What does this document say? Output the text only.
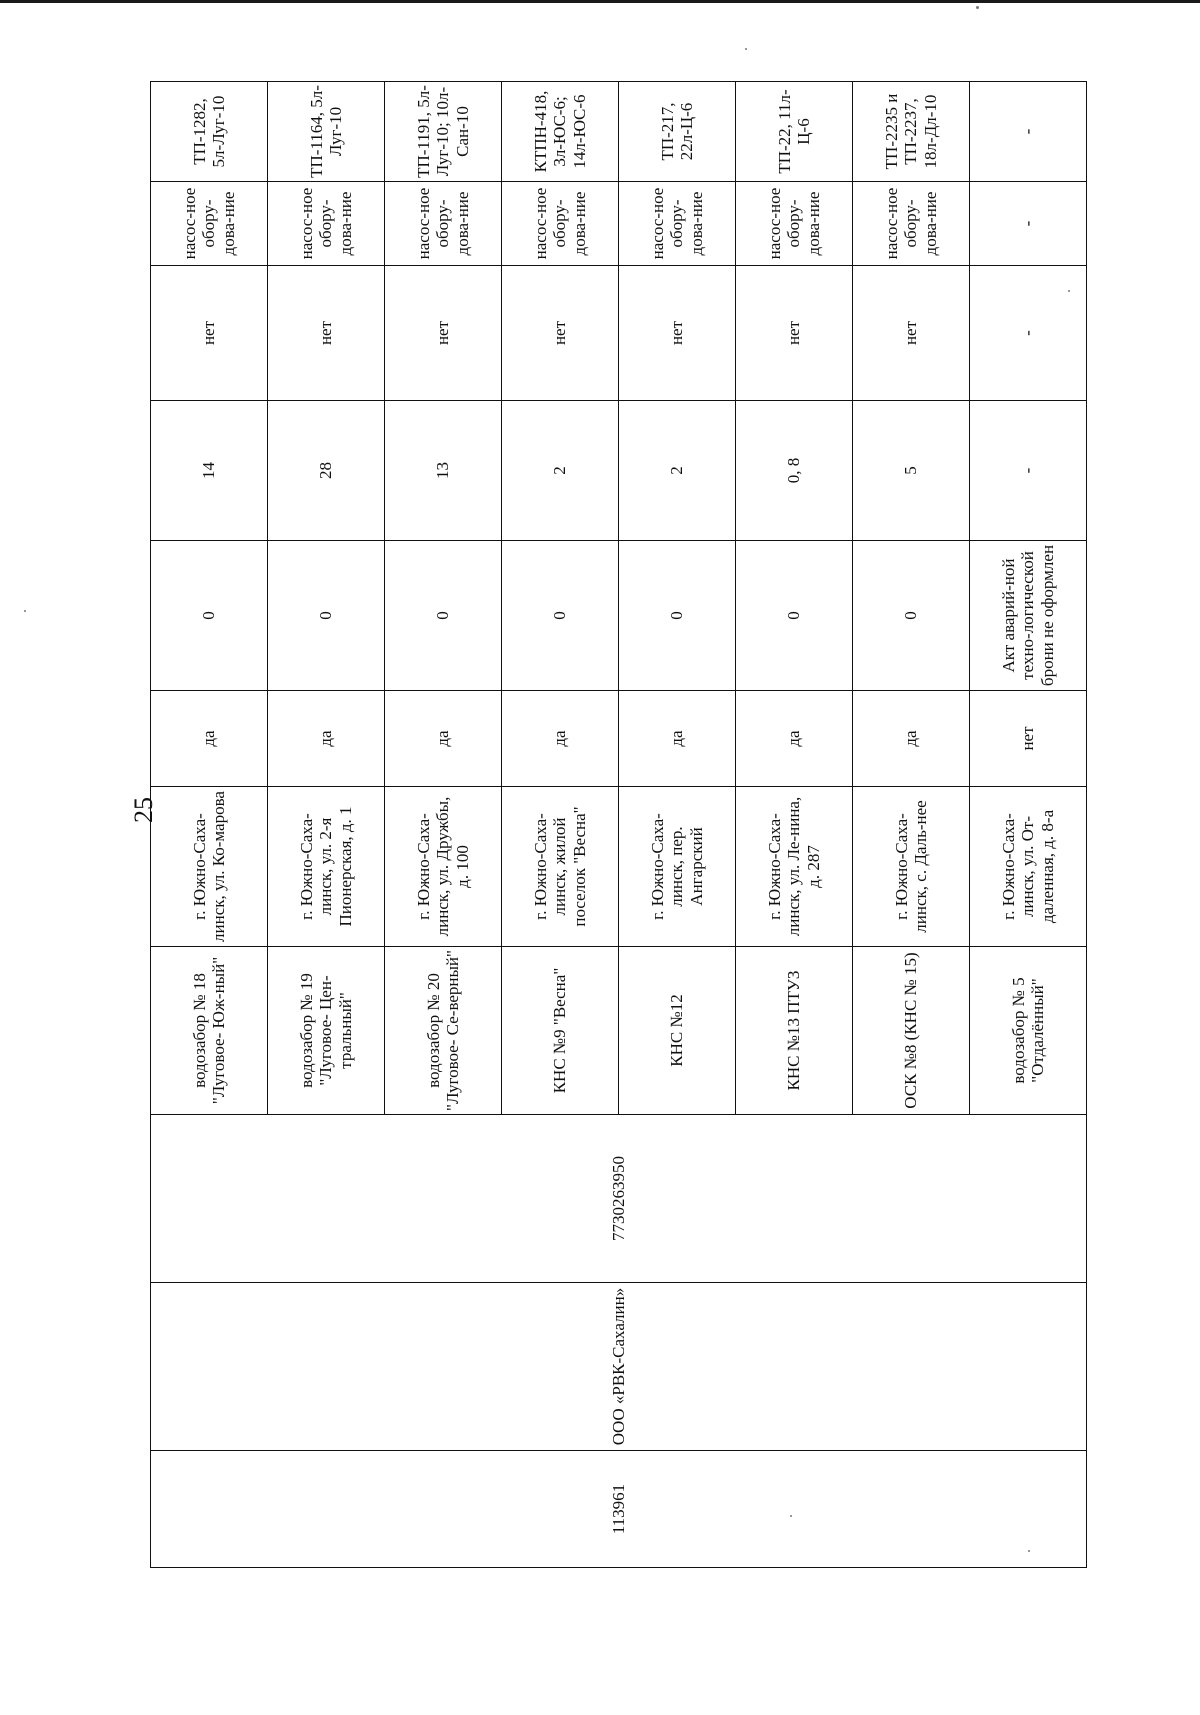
25
113961	ООО «РВК-Сахалин»	7730263950	водозабор № 18 "Луговое- Юж-ный"	г. Южно-Саха-линск, ул. Ко-марова	да	0	14	нет	насос-ное обору-дова-ние	ТП-1282, 5л-Луг-10
			водозабор № 19 "Луговое- Цен-тральный"	г. Южно-Саха-линск, ул. 2-я Пионерская, д. 1	да	0	28	нет	насос-ное обору-дова-ние	ТП-1164, 5л-Луг-10
			водозабор № 20 "Луговое- Се-верный"	г. Южно-Саха-линск, ул. Дружбы, д. 100	да	0	13	нет	насос-ное обору-дова-ние	ТП-1191, 5л-Луг-10; 10л-Сан-10
			КНС №9 "Весна"	г. Южно-Саха-линск, жилой поселок "Весна"	да	0	2	нет	насос-ное обору-дова-ние	КТПН-418, 3л-ЮС-6; 14л-ЮС-6
			КНС №12	г. Южно-Саха-линск, пер. Ангарский	да	0	2	нет	насос-ное обору-дова-ние	ТП-217, 22л-Ц-6
			КНС №13 ПТУ3	г. Южно-Саха-линск, ул. Ле-нина, д. 287	да	0	0, 8	нет	насос-ное обору-дова-ние	ТП-22, 11л-Ц-6
			ОСК №8 (КНС № 15)	г. Южно-Саха-линск, с. Даль-нее	да	0	5	нет	насос-ное обору-дова-ние	ТП-2235 и ТП-2237, 18л-Дл-10
			водозабор № 5 "Отдалённый"	г. Южно-Саха-линск, ул. От-даленная, д. 8-а	нет	Акт аварий-ной техно-логической брони не оформлен	-	-	-	-
